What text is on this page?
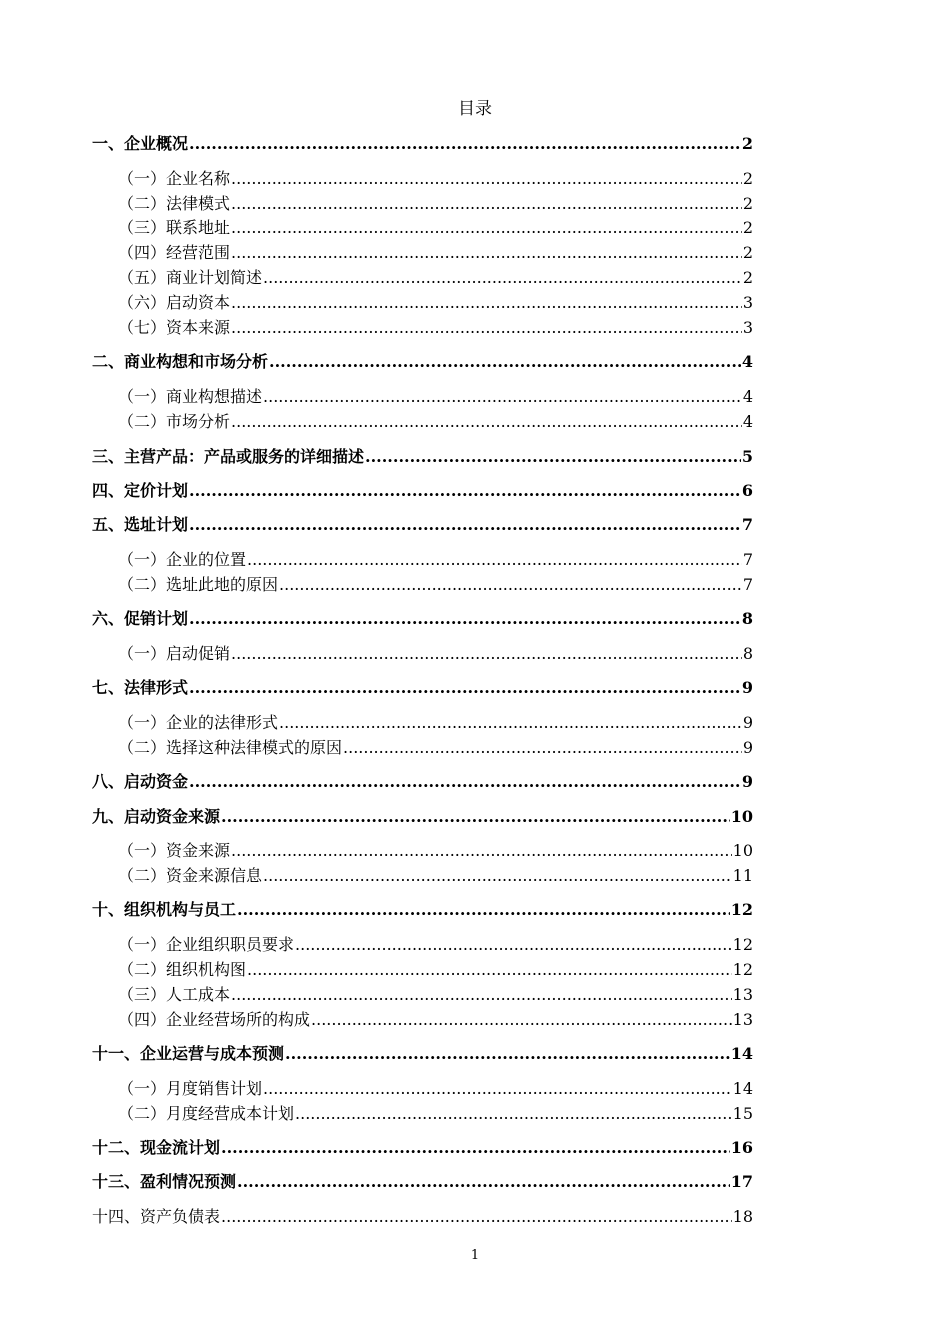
目录
一、企业概况 .....	2
（一）企业名称 .....	2
（二）法律模式 .....	2
（三）联系地址 .....	2
（四）经营范围 .....	2
（五）商业计划简述 .....	2
（六）启动资本 .....	3
（七）资本来源 .....	3
二、商业构想和市场分析 .....	4
（一）商业构想描述 .....	4
（二）市场分析 .....	4
三、主营产品：产品或服务的详细描述 .....	5
四、定价计划 .....	6
五、选址计划 .....	7
（一）企业的位置 .....	7
（二）选址此地的原因 .....	7
六、促销计划 .....	8
（一）启动促销 .....	8
七、法律形式 .....	9
（一）企业的法律形式 .....	9
（二）选择这种法律模式的原因 .....	9
八、启动资金 .....	9
九、启动资金来源 .....	10
（一）资金来源 .....	10
（二）资金来源信息 .....	11
十、组织机构与员工 .....	12
（一）企业组织职员要求 .....	12
（二）组织机构图 .....	12
（三）人工成本 .....	13
（四）企业经营场所的构成 .....	13
十一、企业运营与成本预测 .....	14
（一）月度销售计划 .....	14
（二）月度经营成本计划 .....	15
十二、现金流计划 .....	16
十三、盈利情况预测 .....	17
十四、资产负债表 .....	18
1
